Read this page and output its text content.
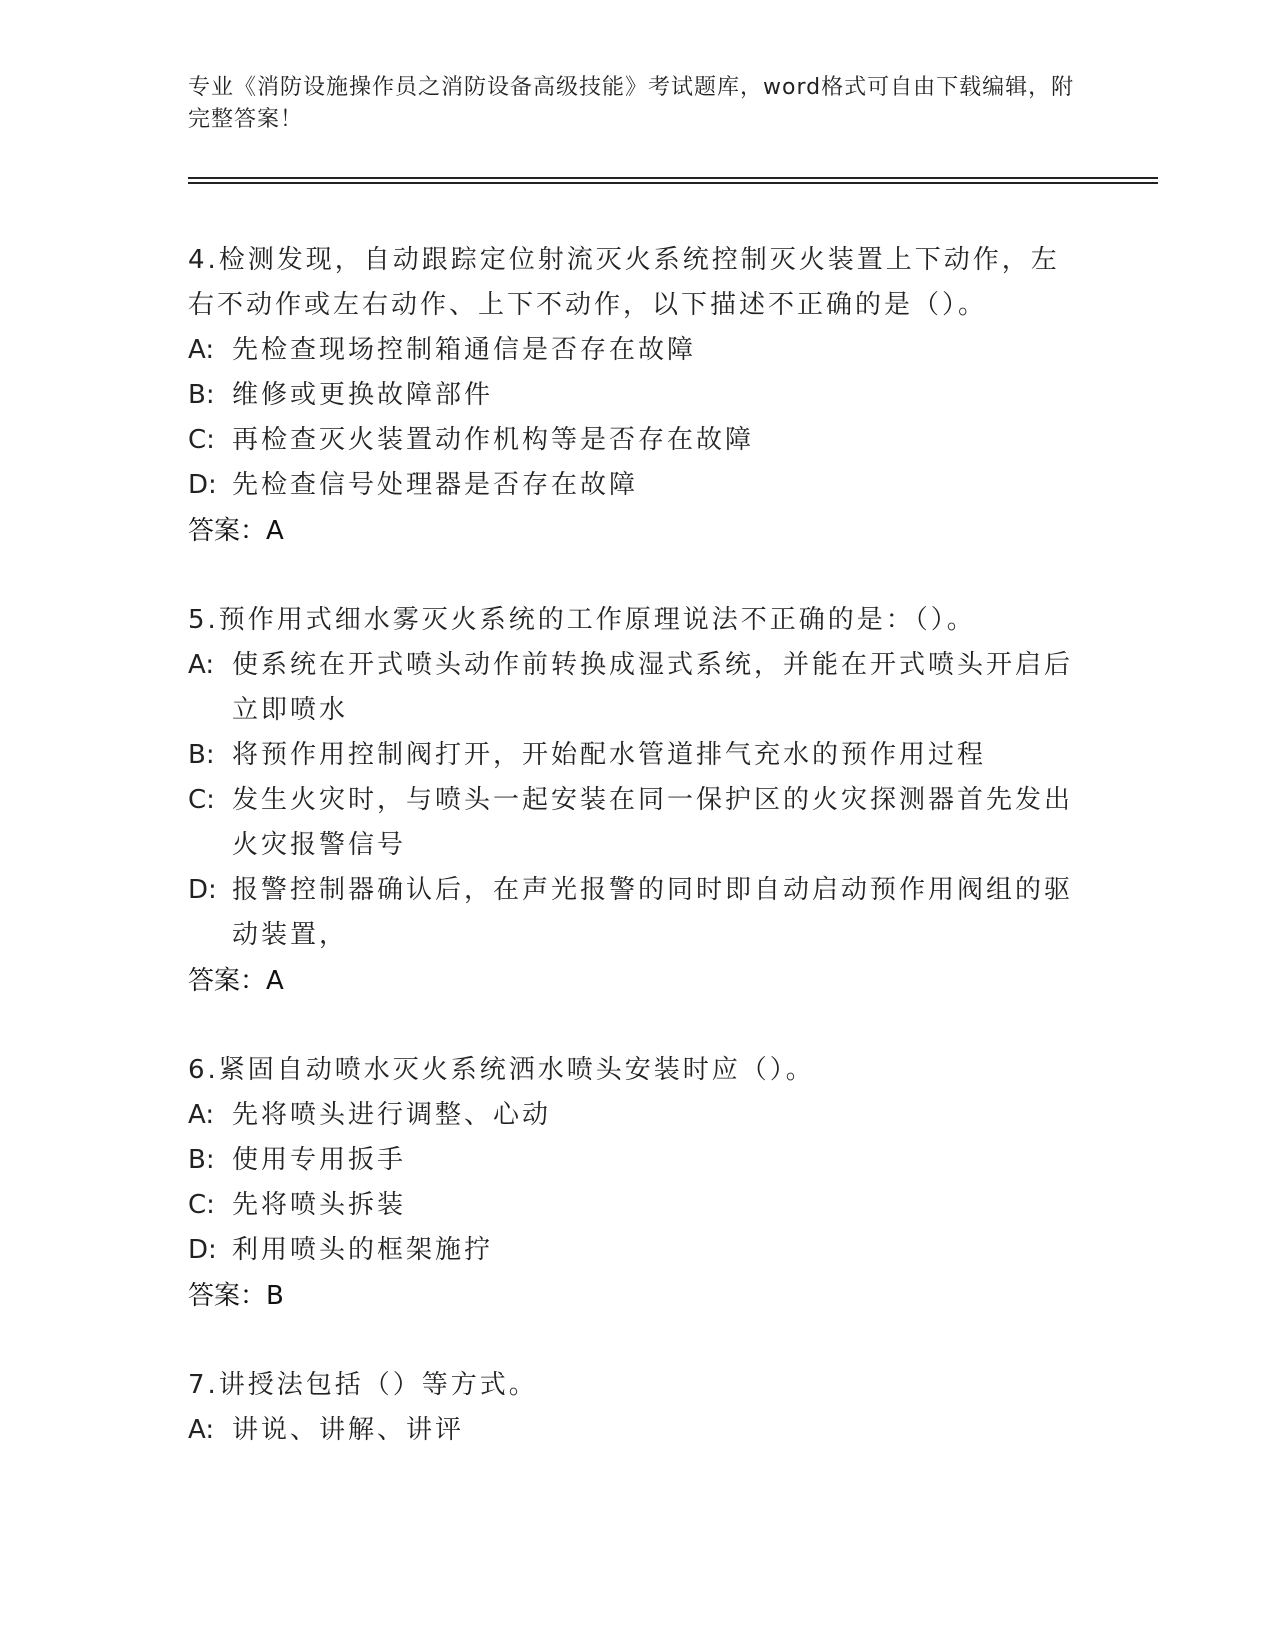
专业《消防设施操作员之消防设备高级技能》考试题库，word格式可自由下载编辑，附完整答案！
4.检测发现，自动跟踪定位射流灭火系统控制灭火装置上下动作，左右不动作或左右动作、上下不动作，以下描述不正确的是（）。
A: 先检查现场控制箱通信是否存在故障
B: 维修或更换故障部件
C: 再检查灭火装置动作机构等是否存在故障
D: 先检查信号处理器是否存在故障
答案：A
5.预作用式细水雾灭火系统的工作原理说法不正确的是：（）。
A: 使系统在开式喷头动作前转换成湿式系统，并能在开式喷头开启后立即喷水
B: 将预作用控制阀打开，开始配水管道排气充水的预作用过程
C: 发生火灾时，与喷头一起安装在同一保护区的火灾探测器首先发出火灾报警信号
D: 报警控制器确认后，在声光报警的同时即自动启动预作用阀组的驱动装置，
答案：A
6.紧固自动喷水灭火系统洒水喷头安装时应（）。
A: 先将喷头进行调整、心动
B: 使用专用扳手
C: 先将喷头拆装
D: 利用喷头的框架施拧
答案：B
7.讲授法包括（）等方式。
A: 讲说、讲解、讲评
